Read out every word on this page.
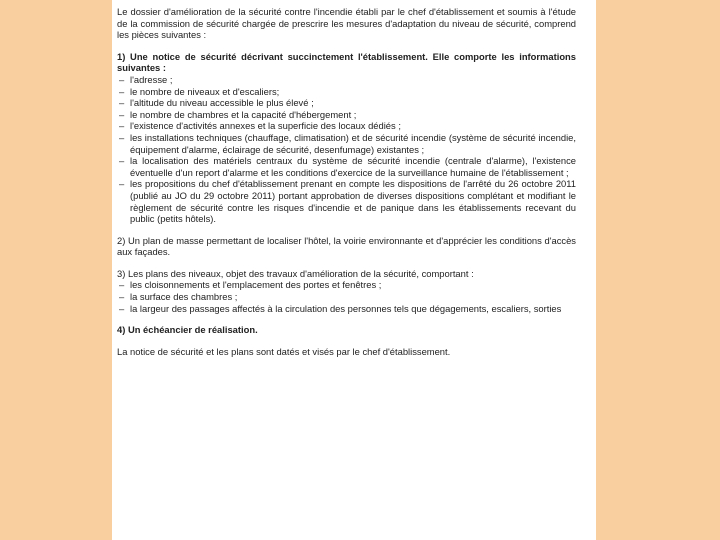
Le dossier d'amélioration de la sécurité contre l'incendie établi par le chef d'établissement et soumis à l'étude de la commission de sécurité chargée de prescrire les mesures d'adaptation du niveau de sécurité, comprend les pièces suivantes :

1) Une notice de sécurité décrivant succinctement l'établissement. Elle comporte les informations suivantes :

– l'adresse ;
– le nombre de niveaux et d'escaliers;
– l'altitude du niveau accessible le plus élevé ;
– le nombre de chambres et la capacité d'hébergement ;
– l'existence d'activités annexes et la superficie des locaux dédiés ;
– les installations techniques (chauffage, climatisation) et de sécurité incendie (système de sécurité incendie, équipement d'alarme, éclairage de sécurité, desenfumage) existantes ;
– la localisation des matériels centraux du système de sécurité incendie (centrale d'alarme), l'existence éventuelle d'un report d'alarme et les conditions d'exercice de la surveillance humaine de l'établissement ;
– les propositions du chef d'établissement prenant en compte les dispositions de l'arrêté du 26 octobre 2011 (publié au JO du 29 octobre 2011) portant approbation de diverses dispositions complétant et modifiant le règlement de sécurité contre les risques d'incendie et de panique dans les établissements recevant du public (petits hôtels).

2) Un plan de masse permettant de localiser l'hôtel, la voirie environnante et d'apprécier les conditions d'accès aux façades.

3) Les plans des niveaux, objet des travaux d'amélioration de la sécurité, comportant :

– les cloisonnements et l'emplacement des portes et fenêtres ;
– la surface des chambres ;
– la largeur des passages affectés à la circulation des personnes tels que dégagements, escaliers, sorties

4) Un échéancier de réalisation.

La notice de sécurité et les plans sont datés et visés par le chef d'établissement.
